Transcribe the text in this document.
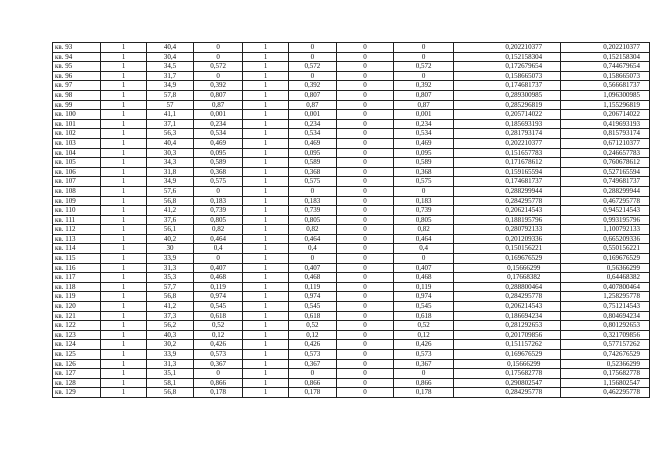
кв. 93	1	40,4	0	1	0	0	0	0,202210377	0,202210377
кв. 94	1	30,4	0	1	0	0	0	0,152158304	0,152158304
кв. 95	1	34,5	0,572	1	0,572	0	0,572	0,172679654	0,744679654
кв. 96	1	31,7	0	1	0	0	0	0,158665073	0,158665073
кв. 97	1	34,9	0,392	1	0,392	0	0,392	0,174681737	0,566681737
кв. 98	1	57,8	0,807	1	0,807	0	0,807	0,289300985	1,096300985
кв. 99	1	57	0,87	1	0,87	0	0,87	0,285296819	1,155296819
кв. 100	1	41,1	0,001	1	0,001	0	0,001	0,205714022	0,206714022
кв. 101	1	37,1	0,234	1	0,234	0	0,234	0,185693193	0,419693193
кв. 102	1	56,3	0,534	1	0,534	0	0,534	0,281793174	0,815793174
кв. 103	1	40,4	0,469	1	0,469	0	0,469	0,202210377	0,671210377
кв. 104	1	30,3	0,095	1	0,095	0	0,095	0,151657783	0,246657783
кв. 105	1	34,3	0,589	1	0,589	0	0,589	0,171678612	0,760678612
кв. 106	1	31,8	0,368	1	0,368	0	0,368	0,159165594	0,527165594
кв. 107	1	34,9	0,575	1	0,575	0	0,575	0,174681737	0,749681737
кв. 108	1	57,6	0	1	0	0	0	0,288299944	0,288299944
кв. 109	1	56,8	0,183	1	0,183	0	0,183	0,284295778	0,467295778
кв. 110	1	41,2	0,739	1	0,739	0	0,739	0,206214543	0,945214543
кв. 111	1	37,6	0,805	1	0,805	0	0,805	0,188195796	0,993195796
кв. 112	1	56,1	0,82	1	0,82	0	0,82	0,280792133	1,100792133
кв. 113	1	40,2	0,464	1	0,464	0	0,464	0,201209336	0,665209336
кв. 114	1	30	0,4	1	0,4	0	0,4	0,150156221	0,550156221
кв. 115	1	33,9	0	1	0	0	0	0,169676529	0,169676529
кв. 116	1	31,3	0,407	1	0,407	0	0,407	0,15666299	0,56366299
кв. 117	1	35,3	0,468	1	0,468	0	0,468	0,17668382	0,64468382
кв. 118	1	57,7	0,119	1	0,119	0	0,119	0,288800464	0,407800464
кв. 119	1	56,8	0,974	1	0,974	0	0,974	0,284295778	1,258295778
кв. 120	1	41,2	0,545	1	0,545	0	0,545	0,206214543	0,751214543
кв. 121	1	37,3	0,618	1	0,618	0	0,618	0,186694234	0,804694234
кв. 122	1	56,2	0,52	1	0,52	0	0,52	0,281292653	0,801292653
кв. 123	1	40,3	0,12	1	0,12	0	0,12	0,201709856	0,321709856
кв. 124	1	30,2	0,426	1	0,426	0	0,426	0,151157262	0,577157262
кв. 125	1	33,9	0,573	1	0,573	0	0,573	0,169676529	0,742676529
кв. 126	1	31,3	0,367	1	0,367	0	0,367	0,15666299	0,52366299
кв. 127	1	35,1	0	1	0	0	0	0,175682778	0,175682778
кв. 128	1	58,1	0,866	1	0,866	0	0,866	0,290802547	1,156802547
кв. 129	1	56,8	0,178	1	0,178	0	0,178	0,284295778	0,462295778
